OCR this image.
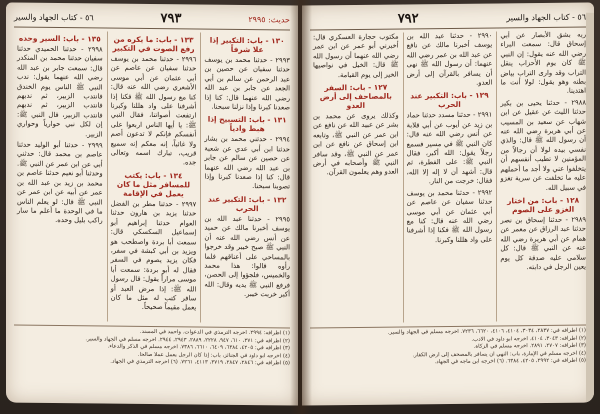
حديث: ٢٩٩٥
٧٩٣
٥٦ - كتاب الجهاد والسير
١٣٠ - باب: التكبير إذا علا شرفاً

٢٩٩٣ - حدثنا محمد بن يوسف حدثنا سفيان عن حصين بن عبد الرحمن عن سالم بن أبي الجعد عن جابر بن عبد الله رضي الله عنهما قال: كنا إذا صعدنا كبرنا وإذا نزلنا سبحنا.

١٣١ - باب: التسبيح إذا هبط وادياً

٢٩٩٤ - حدثني محمد بن بشار حدثنا ابن أبي عدي عن شعبة عن حصين عن سالم عن جابر بن عبد الله رضي الله عنهما قال: كنا إذا صعدنا كبرنا وإذا تصوبنا سبحنا.

١٣٢ - باب: التكبير عند الحرب

٢٩٩٥ - حدثنا عبد الله بن يوسف أخبرنا مالك عن حميد عن أنس رضي الله عنه أن النبي ﷺ صبح خيبر وقد خرجوا بالمساحي على أعناقهم فلما رأوه قالوا: هذا محمد والخميس، فلجؤوا إلى الحصن، فرفع النبي ﷺ يديه وقال: الله أكبر خربت خيبر.

١٣٣ - باب: ما يكره من رفع الصوت في التكبير

٢٩٩٦ - حدثنا محمد بن يوسف حدثنا سفيان عن عاصم عن أبي عثمان عن أبي موسى الأشعري رضي الله عنه قال: كنا مع رسول الله ﷺ فكنا إذا أشرفنا على واد هللنا وكبرنا ارتفعت أصواتنا، فقال النبي ﷺ: يا أيها الناس اربعوا على أنفسكم فإنكم لا تدعون أصم ولا غائباً، إنه معكم إنه سميع قريب، تبارك اسمه وتعالى جده.

١٣٤ - باب: يكتب للمسافر مثل ما كان يعمل في الإقامة

٢٩٩٧ - حدثنا مطر بن الفضل حدثنا يزيد بن هارون حدثنا العوام حدثنا إبراهيم أبو إسماعيل السكسكي قال: سمعت أبا بردة واصطحب هو ويزيد بن أبي كبشة في سفر، فكان يزيد يصوم في السفر فقال له أبو بردة: سمعت أبا موسى مراراً يقول: قال رسول الله ﷺ: إذا مرض العبد أو سافر كتب له مثل ما كان يعمل مقيماً صحيحاً.

١٣٥ - باب: السير وحده

٢٩٩٨ - حدثنا الحميدي حدثنا سفيان حدثنا محمد بن المنكدر قال: سمعت جابر بن عبد الله رضي الله عنهما يقول: ندب النبي ﷺ الناس يوم الخندق فانتدب الزبير، ثم ندبهم فانتدب الزبير، ثم ندبهم فانتدب الزبير، قال النبي ﷺ: إن لكل نبي حوارياً وحواري الزبير.

٢٩٩٩ - حدثنا أبو الوليد حدثنا عاصم بن محمد قال: حدثني أبي عن ابن عمر عن النبي ﷺ. وحدثنا أبو نعيم حدثنا عاصم بن محمد بن زيد بن عبد الله بن عمر عن أبيه عن ابن عمر عن النبي ﷺ قال: لو يعلم الناس ما في الوحدة ما أعلم ما سار راكب بليل وحده.

(١) أطرافه: ٢٩٩٤. أخرجه الترمذي في الدعوات. وأحمد في المسند.
(٢) أطرافه في: ٣٧١، ٦١٠، ٩٤٧، ٢٢٢٨، ٢٨٨٩، ٢٩٤٣، ٢٩٤٤. أخرجه مسلم في الجهاد والسير.
(٣) أطرافه في: ٤٢٠٥، ٦٣٨٤، ٦٤٠٩، ٦٦١٠، ٧٣٨٦. أخرجه مسلم في الذكر والدعاء.
(٤) أخرجه أبو داود في الجنائز، باب: إذا كان الرجل يعمل عملاً صالحاً.
(٥) أطرافه في: ٢٨٤٦، ٢٨٤٧، ٣٧١٩، ٤١١٣، ٧٢٦١. (٦) أخرجه الترمذي في الجهاد.
٥٦ - كتاب الجهاد والسير
٧٩٢

ربه بشق الأبصار عن أبي إسحاق قال: سمعت البراء رضي الله عنه يقول: إن النبي ﷺ كان يوم الأحزاب ينقل التراب وقد وارى التراب بياض بطنه وهو يقول: لولا أنت ما اهتدينا.

٢٩٨٨ - حدثنا يحيى بن بكير حدثنا الليث عن عقيل عن ابن شهاب عن سعيد بن المسيب عن أبي هريرة رضي الله عنه أن رسول الله ﷺ قال: والذي نفسي بيده لولا أن رجالاً من المؤمنين لا تطيب أنفسهم أن يتخلفوا عني ولا أجد ما أحملهم عليه ما تخلفت عن سرية تغزو في سبيل الله.

١٢٨ - باب: من اختار الغزو على الصوم

٢٩٨٩ - حدثنا إسحاق بن نصر حدثنا عبد الرزاق عن معمر عن همام عن أبي هريرة رضي الله عنه عن النبي ﷺ قال: كل سلامى عليه صدقة كل يوم يعين الرجل في دابته.

٢٩٩٠ - حدثنا عبد الله بن يوسف أخبرنا مالك عن نافع عن عبد الله بن عمر رضي الله عنهما: أن رسول الله ﷺ نهى أن يسافر بالقرآن إلى أرض العدو.

١٢٩ - باب: التكبير عند الحرب

٢٩٩١ - حدثنا مسدد حدثنا حماد بن زيد عن أيوب عن أبي قلابة عن أنس رضي الله عنه قال: كان النبي ﷺ في مسير فسمع رجلاً يقول: الله أكبر، فقال النبي ﷺ: على الفطرة، ثم قال: أشهد أن لا إله إلا الله، فقال: خرجت من النار.

٢٩٩٢ - حدثنا محمد بن يوسف حدثنا سفيان عن عاصم عن أبي عثمان عن أبي موسى رضي الله عنه قال: كنا مع رسول الله ﷺ فكنا إذا أشرفنا على واد هللنا وكبرنا.

مكتوب حجارة العسكري قال: أخبرني أبو عمر عن ابن عمر رضي الله عنهما أن رسول الله ﷺ قال: الخيل في نواصيها الخير إلى يوم القيامة.

١٢٧ - باب: السفر بالمصاحف إلى أرض العدو

وكذلك يروى عن محمد بن بشر عن عبيد الله عن نافع عن ابن عمر عن النبي ﷺ، وتابعه ابن إسحاق عن نافع عن ابن عمر عن النبي ﷺ، وقد سافر النبي ﷺ وأصحابه في أرض العدو وهم يعلمون القرآن.

(١) أطرافه في: ٢٨٣٧، ٣٠٣٤، ٤١٠٤، ٤١٠٦، ٦٦٢٠، ٧٢٣٦. أخرجه مسلم في الجهاد والسير.
(٢) أطرافه: ٣٠٤٣، ٤١٠٤. أخرجه أبو داود في الأدب.
(٣) أطرافه: ٢٧٠٧، ٢٨٩١. أخرجه مسلم في الزكاة.
(٤) أخرجه مسلم في الإمارة، باب: النهي أن يسافر بالمصحف إلى أرض الكفار.
(٥) أطرافه في: ٢٩٩٢، ٤٢٠٥، ٦٣٨٤. (٦) أخرجه ابن ماجه في الجهاد.
